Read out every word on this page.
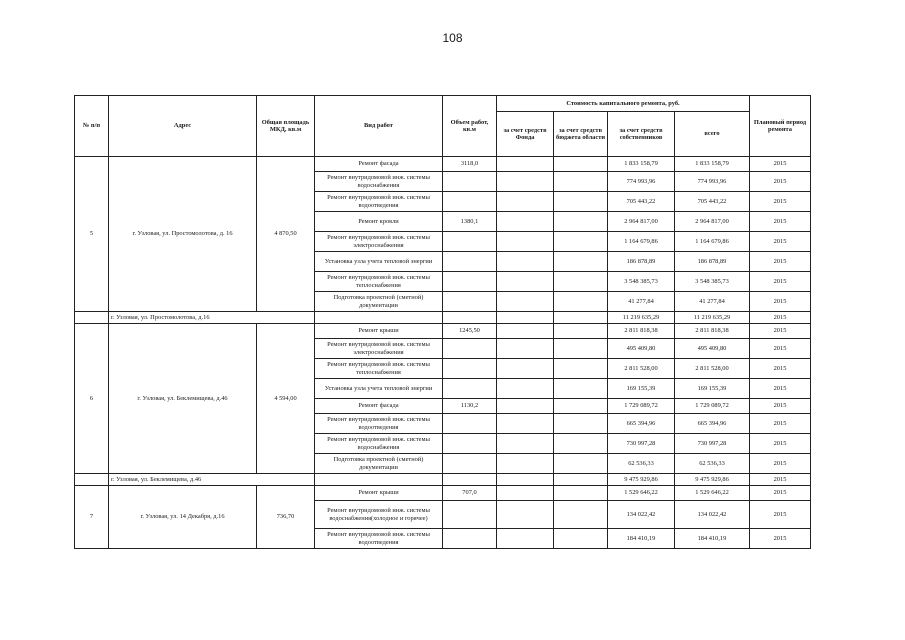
108
№ п/п	Адрес	Общая площадь МКД, кв.м	Вид работ	Объем работ, кв.м	Стоимость капитального ремонта, руб.				Плановый период ремонта
					за счет средств Фонда	за счет средств бюджета области	за счет средств собственников	всего	
5	г. Узловая, ул. Простомолотова, д. 16	4 870,50	Ремонт фасада	3118,0			1 833 158,79	1 833 158,79	2015
			Ремонт внутридомовой инж. системы водоснабжения				774 993,96	774 993,96	2015
			Ремонт внутридомовой инж. системы водоотведения				705 443,22	705 443,22	2015
			Ремонт кровли	1380,1			2 964 817,00	2 964 817,00	2015
			Ремонт внутридомовой инж. системы электроснабжения				1 164 679,86	1 164 679,86	2015
			Установка узла учета тепловой энергии				186 878,89	186 878,89	2015
			Ремонт внутридомовой инж. системы теплоснабжения				3 548 385,73	3 548 385,73	2015
			Подготовка проектной (сметной) документации				41 277,84	41 277,84	2015
	г. Узловая, ул. Простомолотова, д.16						11 219 635,29	11 219 635,29	2015
6	г. Узловая, ул. Беклемищева, д.46	4 594,00	Ремонт крыши	1245,50			2 811 818,38	2 811 818,38	2015
			Ремонт внутридомовой инж. системы электроснабжения				495 409,80	495 409,80	2015
			Ремонт внутридомовой инж. системы теплоснабжения				2 811 528,00	2 811 528,00	2015
			Установка узла учета тепловой энергии				169 155,39	169 155,39	2015
			Ремонт фасада	1130,2			1 729 089,72	1 729 089,72	2015
			Ремонт внутридомовой инж. системы водоотведения				665 394,96	665 394,96	2015
			Ремонт внутридомовой инж. системы водоснабжения				730 997,28	730 997,28	2015
			Подготовка проектной (сметной) документации				62 536,33	62 536,33	2015
	г. Узловая, ул. Беклемищева, д.46						9 475 929,86	9 475 929,86	2015
7	г. Узловая, ул. 14 Декабря, д.16	736,70	Ремонт крыши	707,0			1 529 646,22	1 529 646,22	2015
			Ремонт внутридомовой инж. системы водоснабжения(холодное и горячее)				134 022,42	134 022,42	2015
			Ремонт внутридомовой инж. системы водоотведения				184 410,19	184 410,19	2015
